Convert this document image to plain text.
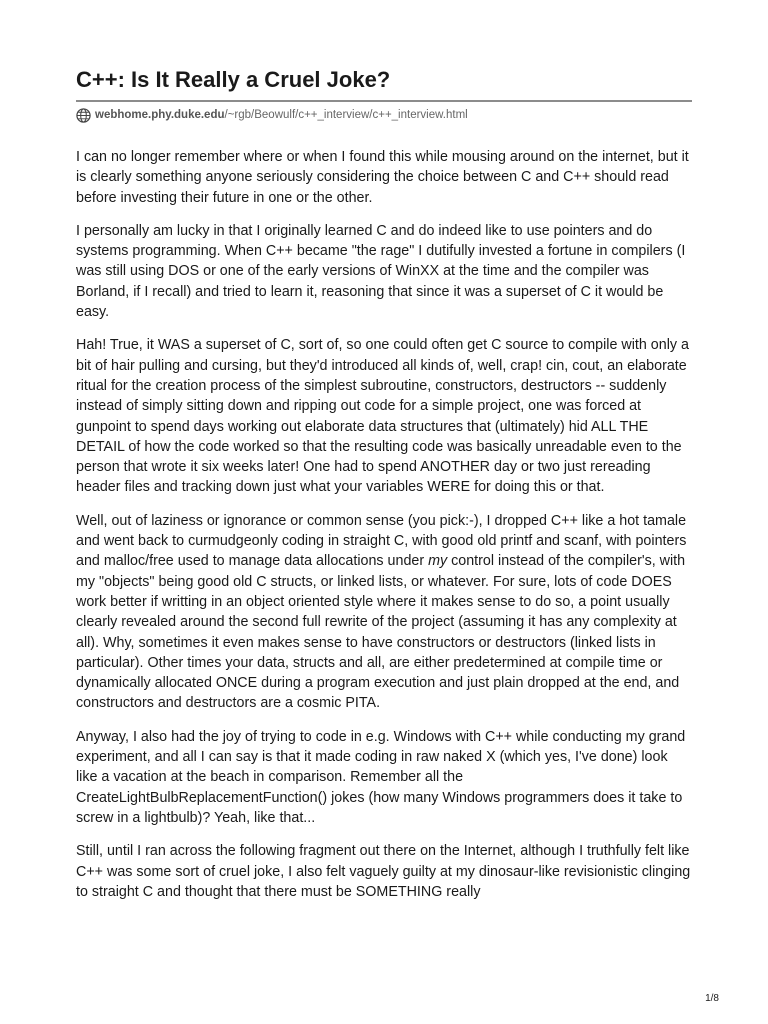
C++: Is It Really a Cruel Joke?
webhome.phy.duke.edu /~rgb/Beowulf/c++_interview/c++_interview.html

I can no longer remember where or when I found this while mousing around on the internet, but it is clearly something anyone seriously considering the choice between C and C++ should read before investing their future in one or the other.

I personally am lucky in that I originally learned C and do indeed like to use pointers and do systems programming. When C++ became "the rage" I dutifully invested a fortune in compilers (I was still using DOS or one of the early versions of WinXX at the time and the compiler was Borland, if I recall) and tried to learn it, reasoning that since it was a superset of C it would be easy.

Hah! True, it WAS a superset of C, sort of, so one could often get C source to compile with only a bit of hair pulling and cursing, but they'd introduced all kinds of, well, crap! cin, cout, an elaborate ritual for the creation process of the simplest subroutine, constructors, destructors -- suddenly instead of simply sitting down and ripping out code for a simple project, one was forced at gunpoint to spend days working out elaborate data structures that (ultimately) hid ALL THE DETAIL of how the code worked so that the resulting code was basically unreadable even to the person that wrote it six weeks later! One had to spend ANOTHER day or two just rereading header files and tracking down just what your variables WERE for doing this or that.

Well, out of laziness or ignorance or common sense (you pick:-), I dropped C++ like a hot tamale and went back to curmudgeonly coding in straight C, with good old printf and scanf, with pointers and malloc/free used to manage data allocations under my control instead of the compiler's, with my "objects" being good old C structs, or linked lists, or whatever. For sure, lots of code DOES work better if writting in an object oriented style where it makes sense to do so, a point usually clearly revealed around the second full rewrite of the project (assuming it has any complexity at all). Why, sometimes it even makes sense to have constructors or destructors (linked lists in particular). Other times your data, structs and all, are either predetermined at compile time or dynamically allocated ONCE during a program execution and just plain dropped at the end, and constructors and destructors are a cosmic PITA.

Anyway, I also had the joy of trying to code in e.g. Windows with C++ while conducting my grand experiment, and all I can say is that it made coding in raw naked X (which yes, I've done) look like a vacation at the beach in comparison. Remember all the CreateLightBulbReplacementFunction() jokes (how many Windows programmers does it take to screw in a lightbulb)? Yeah, like that...

Still, until I ran across the following fragment out there on the Internet, although I truthfully felt like C++ was some sort of cruel joke, I also felt vaguely guilty at my dinosaur-like revisionistic clinging to straight C and thought that there must be SOMETHING really

1/8
